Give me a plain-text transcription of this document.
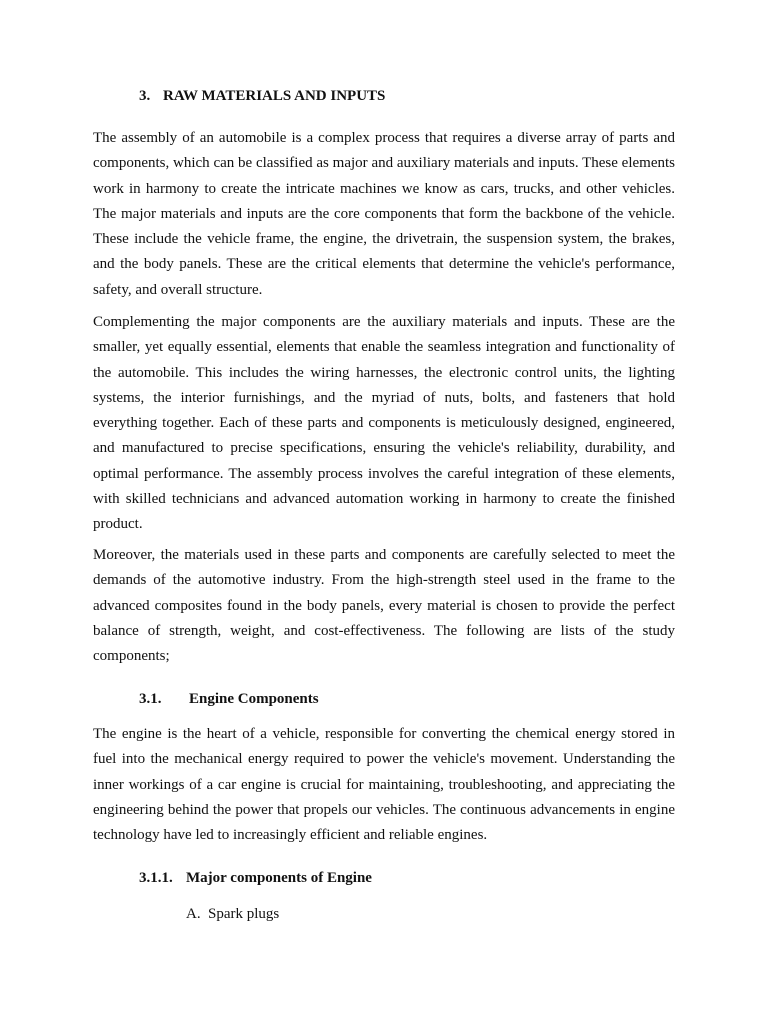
3. RAW MATERIALS AND INPUTS

The assembly of an automobile is a complex process that requires a diverse array of parts and components, which can be classified as major and auxiliary materials and inputs. These elements work in harmony to create the intricate machines we know as cars, trucks, and other vehicles. The major materials and inputs are the core components that form the backbone of the vehicle. These include the vehicle frame, the engine, the drivetrain, the suspension system, the brakes, and the body panels. These are the critical elements that determine the vehicle's performance, safety, and overall structure.

Complementing the major components are the auxiliary materials and inputs. These are the smaller, yet equally essential, elements that enable the seamless integration and functionality of the automobile. This includes the wiring harnesses, the electronic control units, the lighting systems, the interior furnishings, and the myriad of nuts, bolts, and fasteners that hold everything together. Each of these parts and components is meticulously designed, engineered, and manufactured to precise specifications, ensuring the vehicle's reliability, durability, and optimal performance. The assembly process involves the careful integration of these elements, with skilled technicians and advanced automation working in harmony to create the finished product.

Moreover, the materials used in these parts and components are carefully selected to meet the demands of the automotive industry. From the high-strength steel used in the frame to the advanced composites found in the body panels, every material is chosen to provide the perfect balance of strength, weight, and cost-effectiveness. The following are lists of the study components;

3.1. Engine Components

The engine is the heart of a vehicle, responsible for converting the chemical energy stored in fuel into the mechanical energy required to power the vehicle's movement. Understanding the inner workings of a car engine is crucial for maintaining, troubleshooting, and appreciating the engineering behind the power that propels our vehicles. The continuous advancements in engine technology have led to increasingly efficient and reliable engines.

3.1.1. Major components of Engine
A. Spark plugs
